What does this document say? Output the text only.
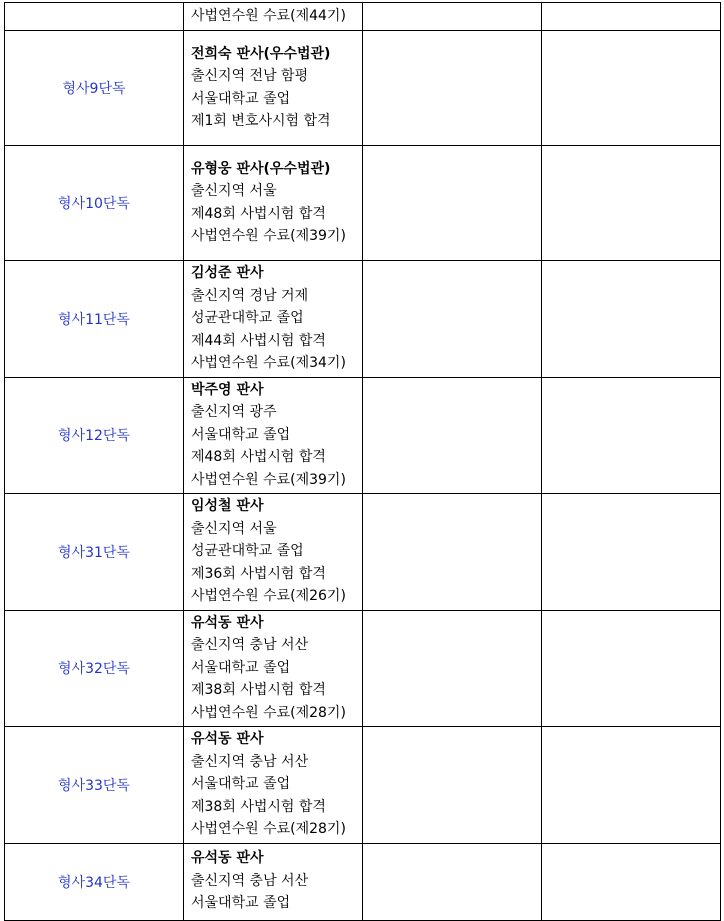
	사법연수원 수료(제44기)		

형사9단독	전희숙 판사(우수법관)
출신지역 전남 함평
서울대학교 졸업
제1회 변호사시험 합격		

형사10단독	유형웅 판사(우수법관)
출신지역 서울
제48회 사법시험 합격
사법연수원 수료(제39기)		

형사11단독	김성준 판사
출신지역 경남 거제
성균관대학교 졸업
제44회 사법시험 합격
사법연수원 수료(제34기)		

형사12단독	박주영 판사
출신지역 광주
서울대학교 졸업
제48회 사법시험 합격
사법연수원 수료(제39기)		

형사31단독	임성철 판사
출신지역 서울
성균관대학교 졸업
제36회 사법시험 합격
사법연수원 수료(제26기)		

형사32단독	유석동 판사
출신지역 충남 서산
서울대학교 졸업
제38회 사법시험 합격
사법연수원 수료(제28기)		

형사33단독	유석동 판사
출신지역 충남 서산
서울대학교 졸업
제38회 사법시험 합격
사법연수원 수료(제28기)		

형사34단독	유석동 판사
출신지역 충남 서산
서울대학교 졸업		
